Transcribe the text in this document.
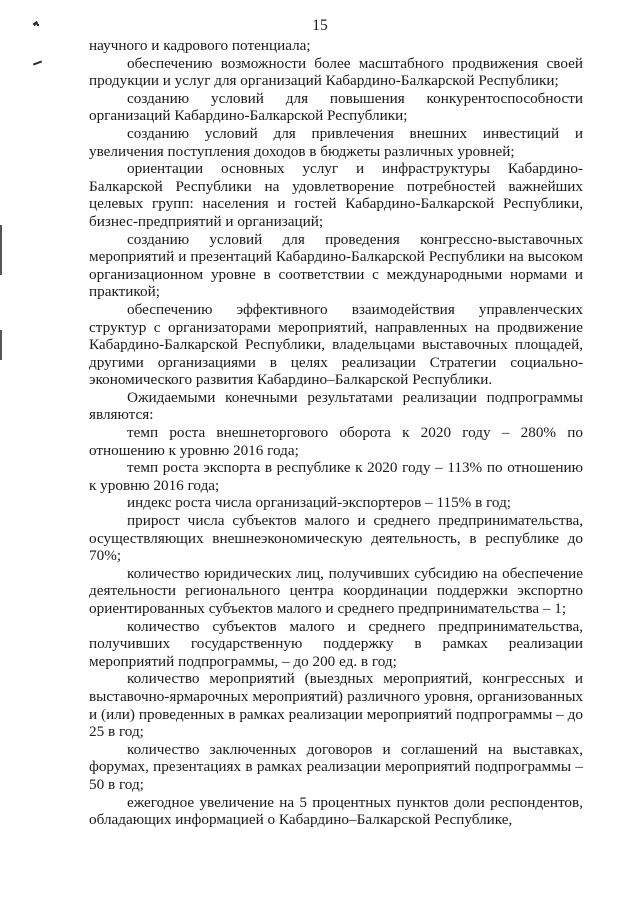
15

научного и кадрового потенциала;

обеспечению возможности более масштабного продвижения своей продукции и услуг для организаций Кабардино-Балкарской Республики;

созданию условий для повышения конкурентоспособности организаций Кабардино-Балкарской Республики;

созданию условий для привлечения внешних инвестиций и увеличения поступления доходов в бюджеты различных уровней;

ориентации основных услуг и инфраструктуры Кабардино-Балкарской Республики на удовлетворение потребностей важнейших целевых групп: населения и гостей Кабардино-Балкарской Республики, бизнес-предприятий и организаций;

созданию условий для проведения конгрессно-выставочных мероприятий и презентаций Кабардино-Балкарской Республики на высоком организационном уровне в соответствии с международными нормами и практикой;

обеспечению эффективного взаимодействия управленческих структур с организаторами мероприятий, направленных на продвижение Кабардино-Балкарской Республики, владельцами выставочных площадей, другими организациями в целях реализации Стратегии социально-экономического развития Кабардино–Балкарской Республики.

Ожидаемыми конечными результатами реализации подпрограммы являются:

темп роста внешнеторгового оборота к 2020 году – 280% по отношению к уровню 2016 года;

темп роста экспорта в республике к 2020 году – 113% по отношению к уровню 2016 года;

индекс роста числа организаций-экспортеров – 115% в год;

прирост числа субъектов малого и среднего предпринимательства, осуществляющих внешнеэкономическую деятельность, в республике до 70%;

количество юридических лиц, получивших субсидию на обеспечение деятельности регионального центра координации поддержки экспортно ориентированных субъектов малого и среднего предпринимательства – 1;

количество субъектов малого и среднего предпринимательства, получивших государственную поддержку в рамках реализации мероприятий подпрограммы, – до 200 ед. в год;

количество мероприятий (выездных мероприятий, конгрессных и выставочно-ярмарочных мероприятий) различного уровня, организованных и (или) проведенных в рамках реализации мероприятий подпрограммы – до 25 в год;

количество заключенных договоров и соглашений на выставках, форумах, презентациях в рамках реализации мероприятий подпрограммы – 50 в год;

ежегодное увеличение на 5 процентных пунктов доли респондентов, обладающих информацией о Кабардино–Балкарской Республике,
